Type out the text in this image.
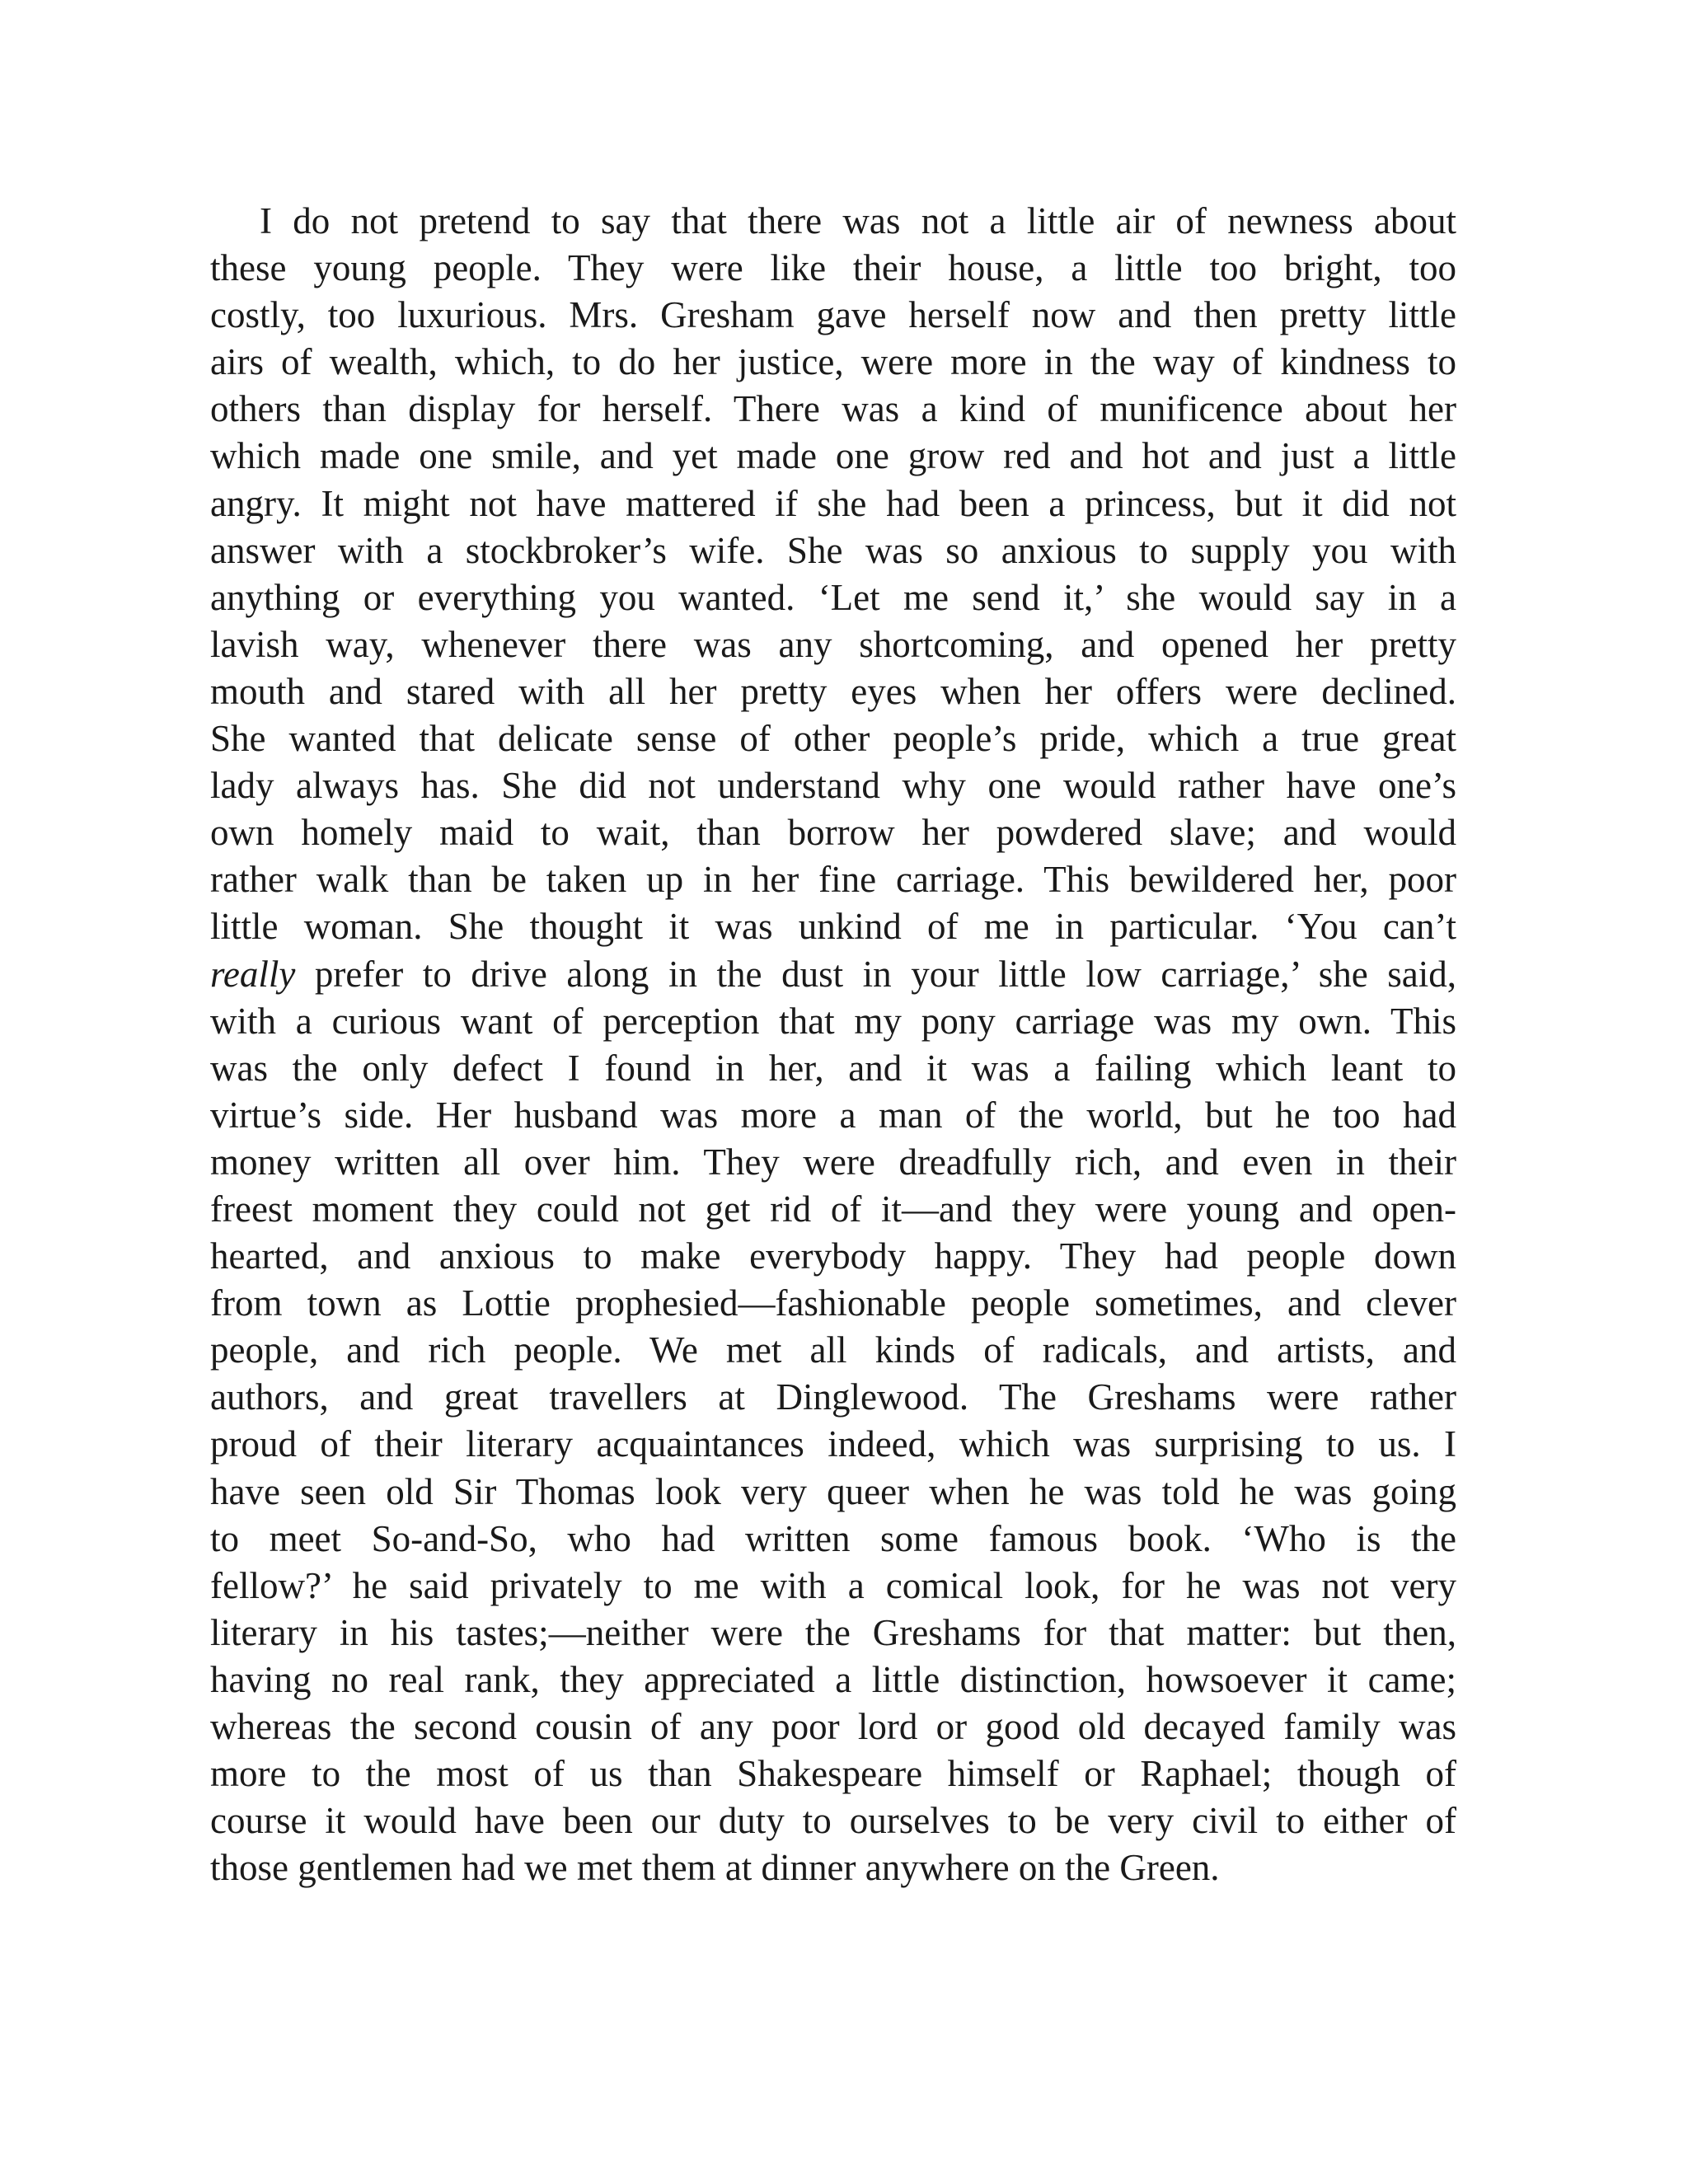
I do not pretend to say that there was not a little air of newness about
these young people. They were like their house, a little too bright, too
costly, too luxurious. Mrs. Gresham gave herself now and then pretty little
airs of wealth, which, to do her justice, were more in the way of kindness to
others than display for herself. There was a kind of munificence about her
which made one smile, and yet made one grow red and hot and just a little
angry. It might not have mattered if she had been a princess, but it did not
answer with a stockbroker’s wife. She was so anxious to supply you with
anything or everything you wanted. ‘Let me send it,’ she would say in a
lavish way, whenever there was any shortcoming, and opened her pretty
mouth and stared with all her pretty eyes when her offers were declined.
She wanted that delicate sense of other people’s pride, which a true great
lady always has. She did not understand why one would rather have one’s
own homely maid to wait, than borrow her powdered slave; and would
rather walk than be taken up in her fine carriage. This bewildered her, poor
little woman. She thought it was unkind of me in particular. ‘You can’t
really prefer to drive along in the dust in your little low carriage,’ she said,
with a curious want of perception that my pony carriage was my own. This
was the only defect I found in her, and it was a failing which leant to
virtue’s side. Her husband was more a man of the world, but he too had
money written all over him. They were dreadfully rich, and even in their
freest moment they could not get rid of it—and they were young and open-
hearted, and anxious to make everybody happy. They had people down
from town as Lottie prophesied—fashionable people sometimes, and clever
people, and rich people. We met all kinds of radicals, and artists, and
authors, and great travellers at Dinglewood. The Greshams were rather
proud of their literary acquaintances indeed, which was surprising to us. I
have seen old Sir Thomas look very queer when he was told he was going
to meet So-and-So, who had written some famous book. ‘Who is the
fellow?’ he said privately to me with a comical look, for he was not very
literary in his tastes;—neither were the Greshams for that matter: but then,
having no real rank, they appreciated a little distinction, howsoever it came;
whereas the second cousin of any poor lord or good old decayed family was
more to the most of us than Shakespeare himself or Raphael; though of
course it would have been our duty to ourselves to be very civil to either of
those gentlemen had we met them at dinner anywhere on the Green.
